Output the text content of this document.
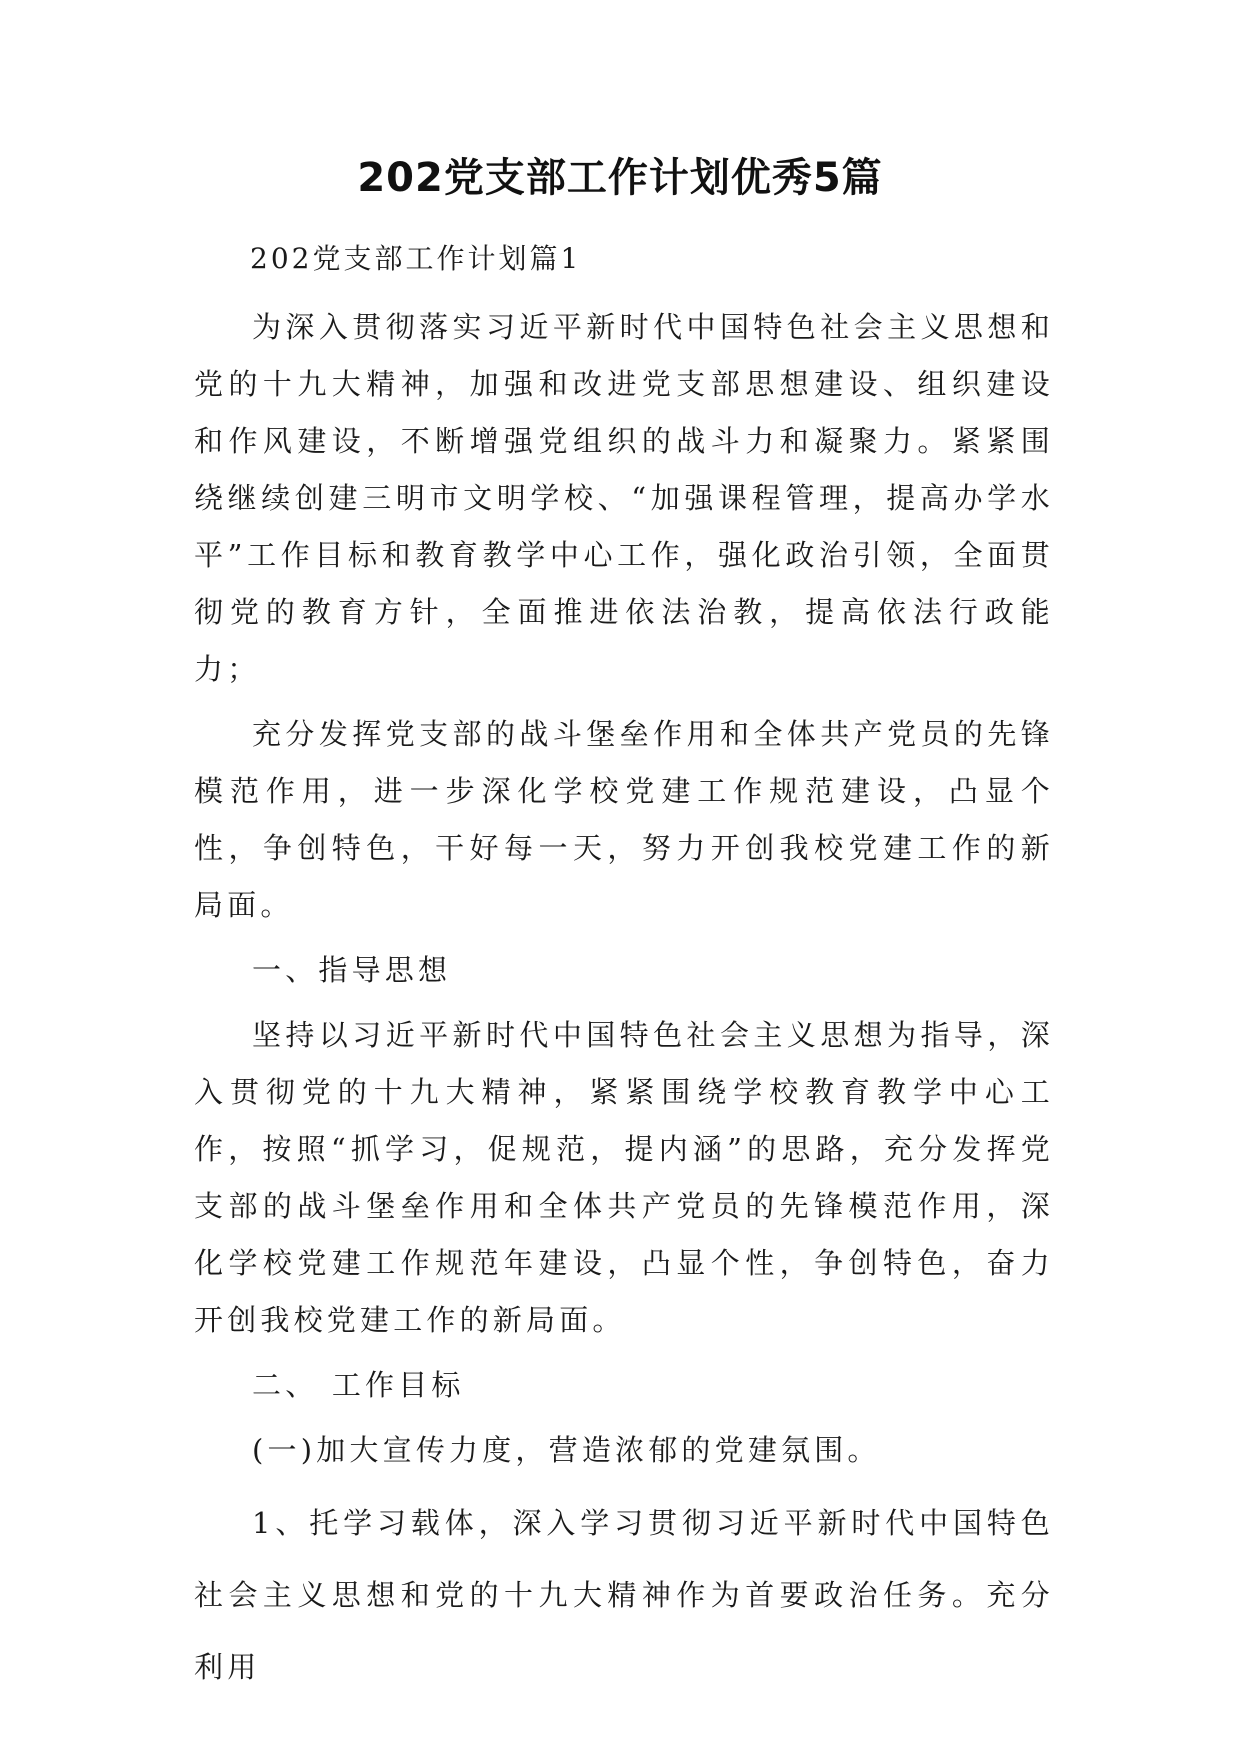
202党支部工作计划优秀5篇

202党支部工作计划篇1

为深入贯彻落实习近平新时代中国特色社会主义思想和党的十九大精神，加强和改进党支部思想建设、组织建设和作风建设，不断增强党组织的战斗力和凝聚力。紧紧围绕继续创建三明市文明学校、“加强课程管理，提高办学水平”工作目标和教育教学中心工作，强化政治引领，全面贯彻党的教育方针，全面推进依法治教，提高依法行政能力；

充分发挥党支部的战斗堡垒作用和全体共产党员的先锋模范作用，进一步深化学校党建工作规范建设，凸显个性，争创特色，干好每一天，努力开创我校党建工作的新局面。

一、指导思想

坚持以习近平新时代中国特色社会主义思想为指导，深入贯彻党的十九大精神，紧紧围绕学校教育教学中心工作，按照“抓学习，促规范，提内涵”的思路，充分发挥党支部的战斗堡垒作用和全体共产党员的先锋模范作用，深化学校党建工作规范年建设，凸显个性，争创特色，奋力开创我校党建工作的新局面。

二、 工作目标

(一)加大宣传力度，营造浓郁的党建氛围。

1、托学习载体，深入学习贯彻习近平新时代中国特色社会主义思想和党的十九大精神作为首要政治任务。充分利用
